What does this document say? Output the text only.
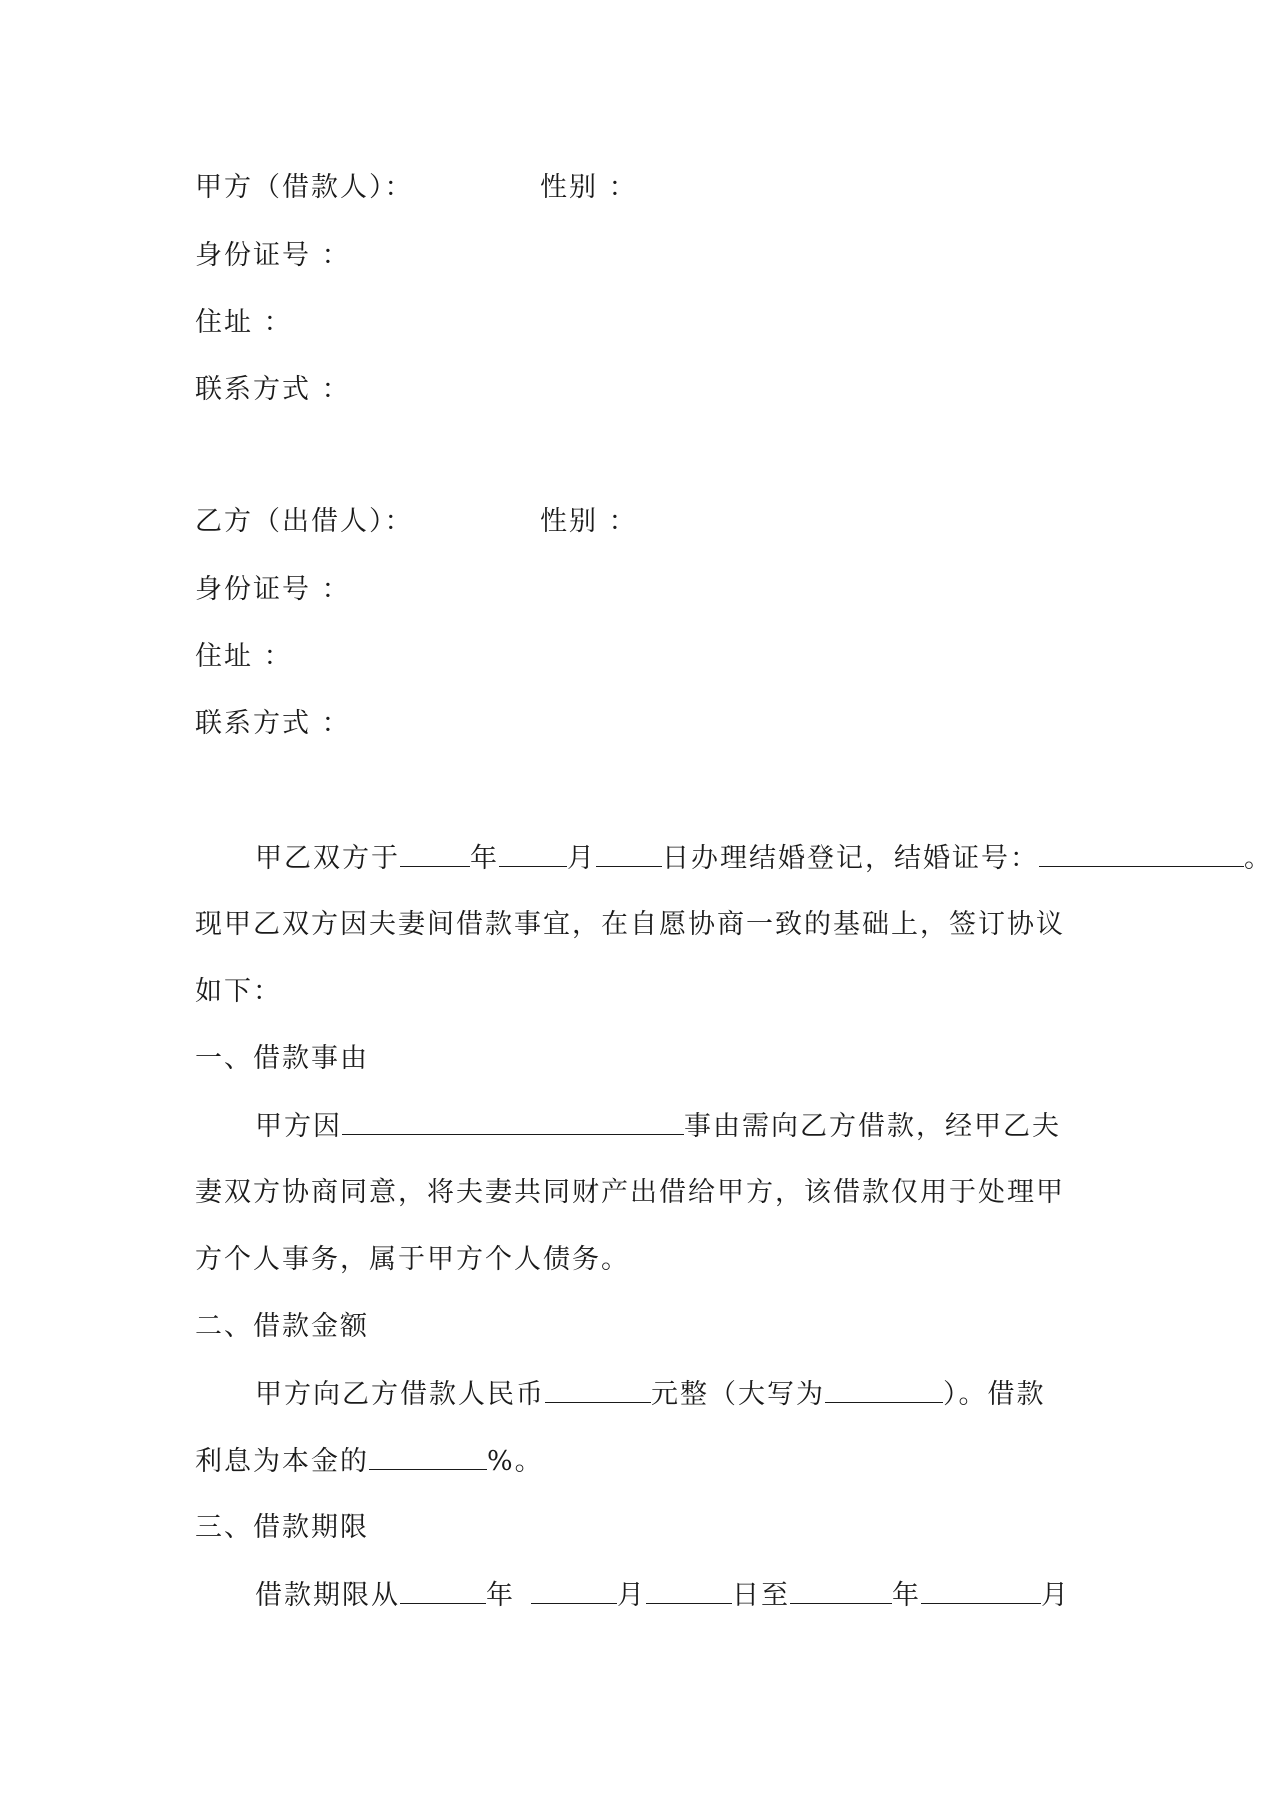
甲方（借款人）：	性别 ：
身份证号 ：
住址 ：
联系方式 ：
乙方（出借人）：	性别 ：
身份证号 ：
住址 ：
联系方式 ：
甲乙双方于	年	月 日办理结婚登记，结婚证号：	。
现甲乙双方因夫妻间借款事宜，在自愿协商一致的基础上，签订协议
如下：
一、借款事由
甲方因	事由需向乙方借款，经甲乙夫
妻双方协商同意，将夫妻共同财产出借给甲方，该借款仅用于处理甲
方个人事务，属于甲方个人债务。
二、借款金额
甲方向乙方借款人民币	元整（大写为	）。借款
利息为本金的	%。
三、借款期限
借款期限从	年	月	日至	年	月
